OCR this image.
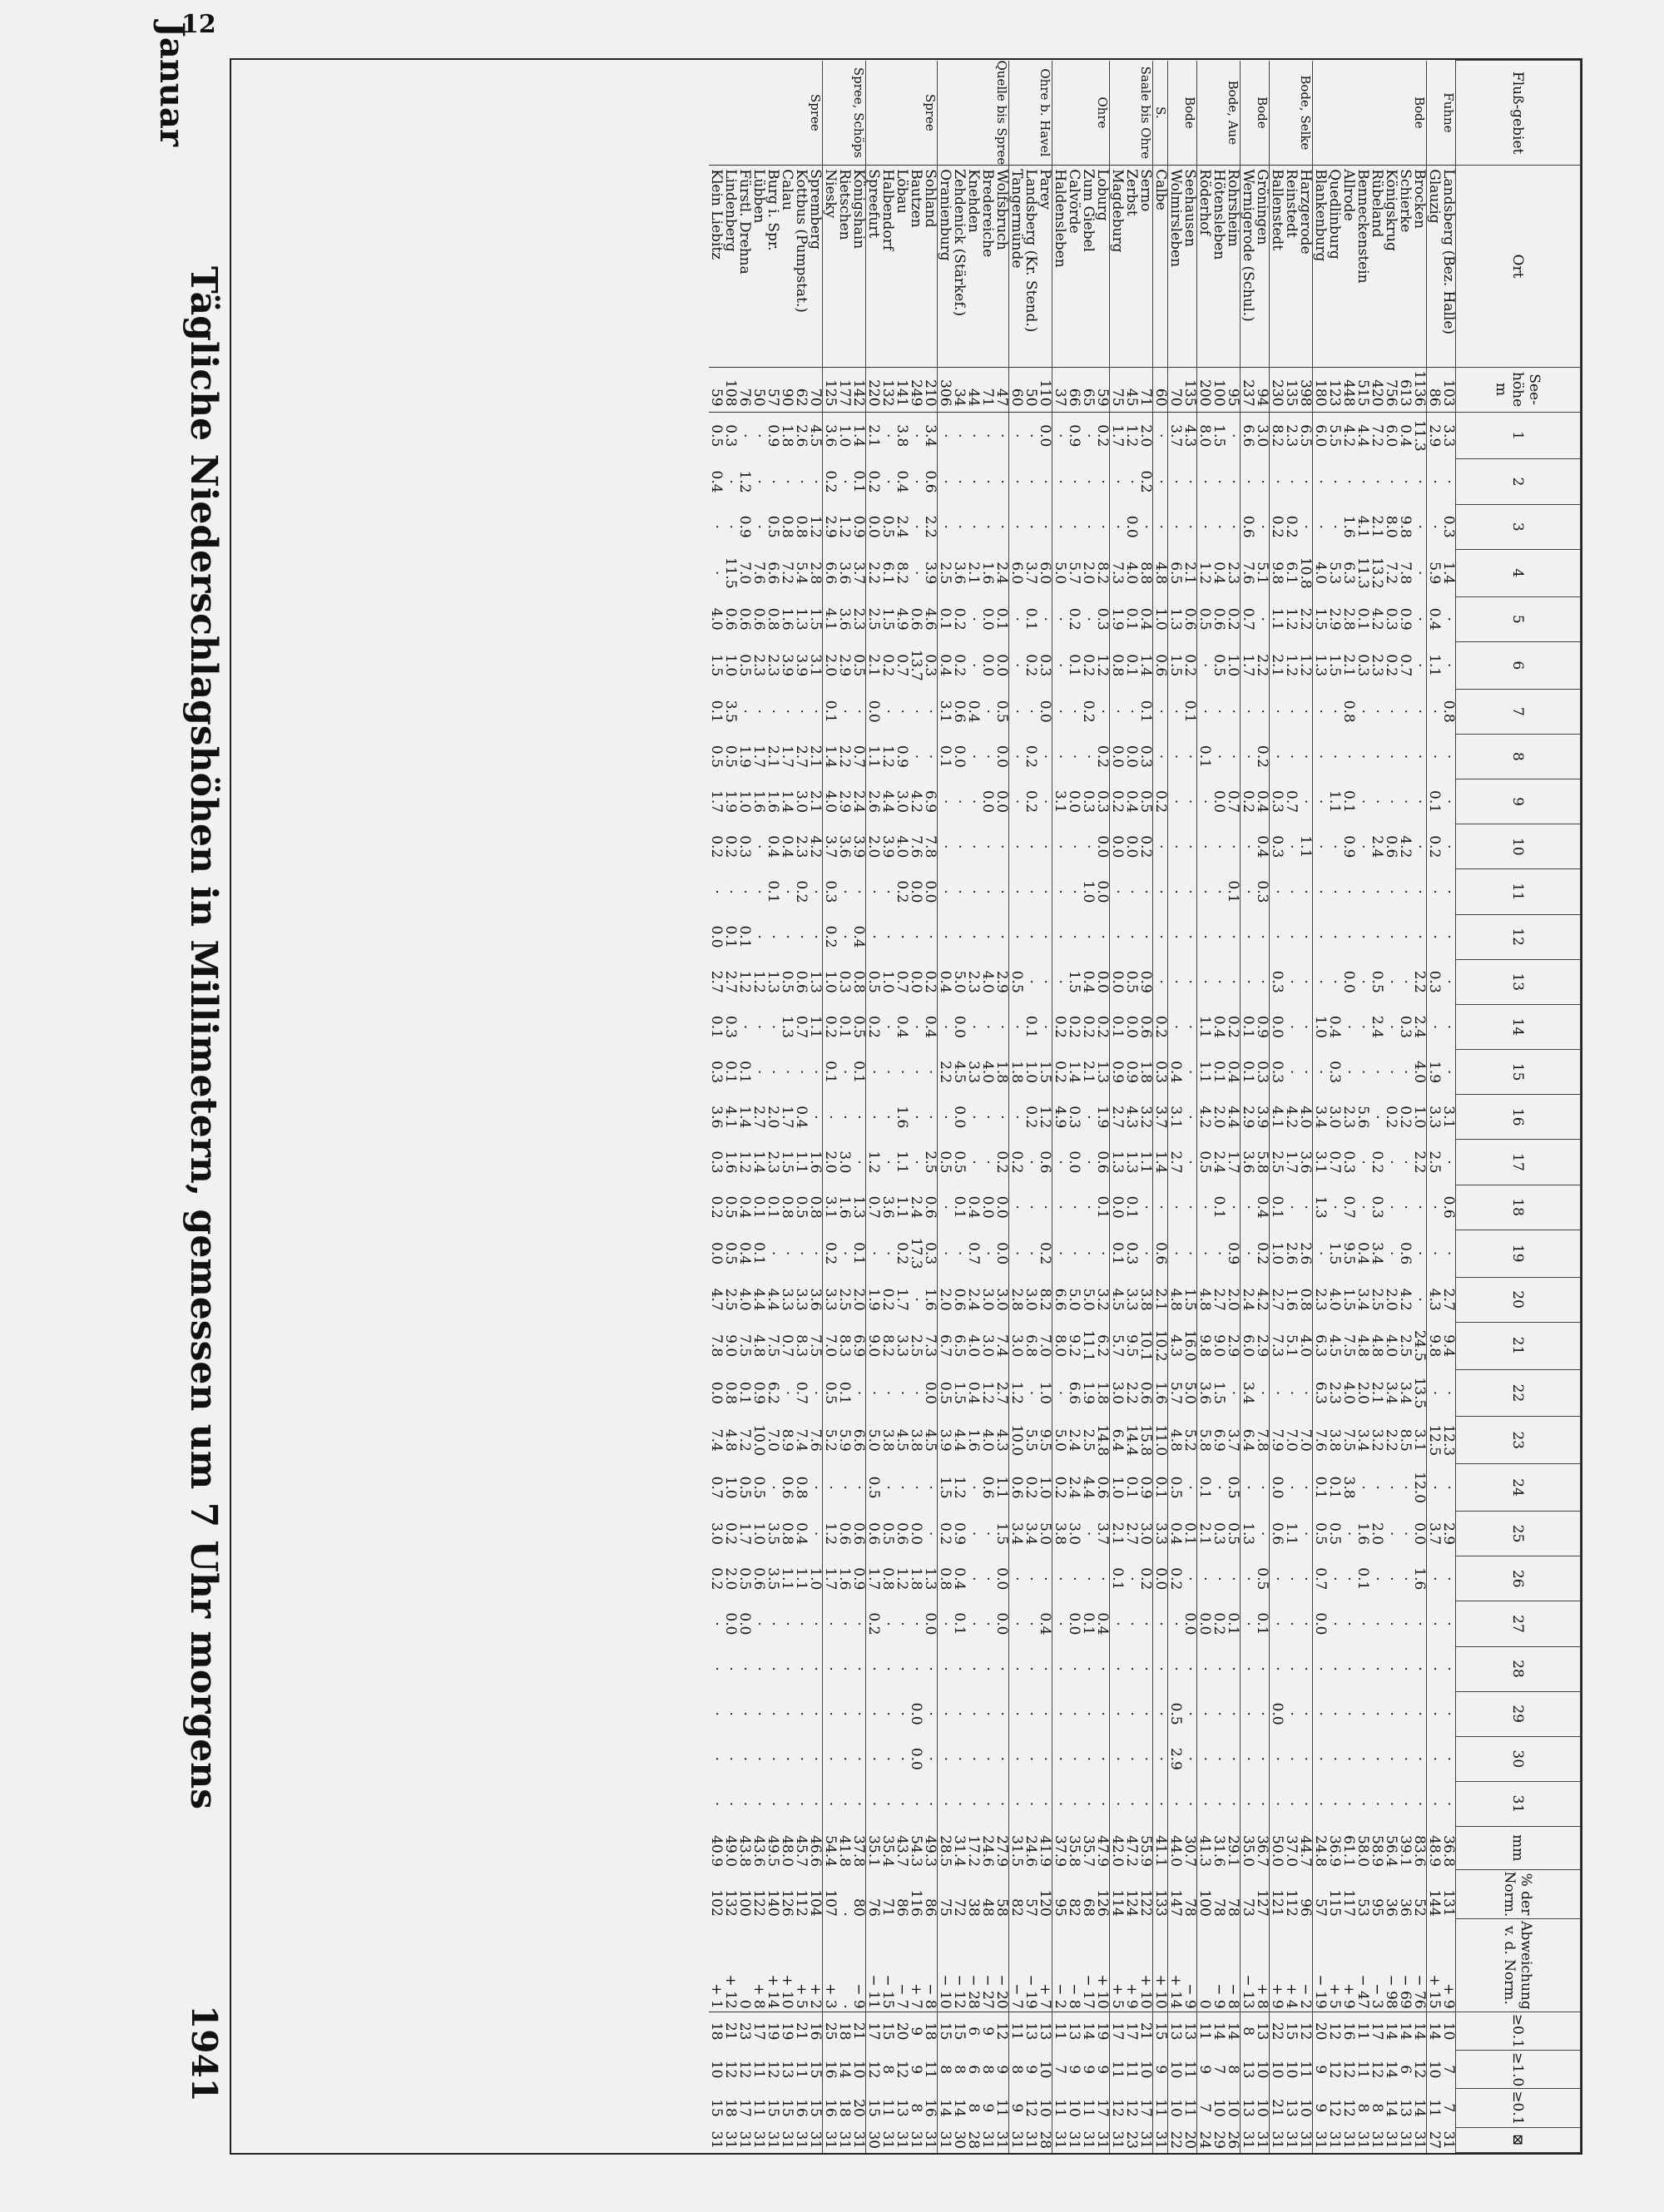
12
Januar
Tägliche Niederschlagshöhen in Millimetern, gemessen um 7 Uhr morgens
1941
Fluß-gebiet	Ort	See-höhe m	1	2	3	4	5	6	7	8	9	10	11	12	13	14	15	16	17	18	19	20	21	22	23	24	25	26	27	28	29	30	31	mm	% der Norm.	Abweichung v. d. Norm.	≥0.1	≥1.0	≥0.1	⊠
Fuhne	Landsberg (Bez. Halle)	103	3.3	·	0.3	1.4	·	·	0.8	·	·	·	·	·	·	·	·	3.1	·	0.6	·	2.7	9.4	·	12.3	·	2.9	·	·	·	·	·	·	36.8	131	+ 9	10	7	7	31
	Glauzig	86	2.9	·	·	5.9	0.4	1.1	·	·	0.1	0.2	·	·	0.3	·	1.9	3.3	2.5	·	·	4.3	9.8	·	12.5	·	3.7	·	·	·	·	·	·	48.9	144	+ 15	14	10	11	27
Bode	Brocken	1136	11.3	·	·	·	·	·	·	·	·	·	·	·	2.2	2.4	4.0	1.0	2.2	·	·	·	24.5	13.5	3.1	12.0	0.0	1.6	·	·	·	·	·	83.6	52	− 76	14	12	14	31
	Schierke	613	0.4	·	9.8	7.8	0.9	0.7	·	·	·	4.2	·	·	·	0.3	·	0.2	·	·	0.6	4.2	2.5	3.4	8.5	·	·	·	·	·	·	·	·	39.1	36	− 69	14	6	13	31
	Königskrug	756	6.0	·	8.0	7.2	0.3	0.2	·	·	·	0.6	·	·	·	·	·	0.2	·	·	·	2.0	4.0	3.4	2.2	·	·	·	·	·	·	·	·	56.4	36	− 98	14	14	14	31
	Rübeland	420	7.2	·	2.1	13.2	4.2	2.3	·	·	·	2.4	·	·	0.5	2.4	·	·	0.2	0.3	3.4	2.5	4.8	2.1	3.2	·	2.0	·	·	·	·	·	·	58.9	95	− 3	17	12	8	31
	Benneckenstein	515	4.4	·	4.1	11.3	0.1	0.3	·	·	·	·	·	·	·	·	·	5.6	·	·	0.4	3.4	4.8	2.0	3.4	·	1.6	0.1	·	·	·	·	·	58.0	53	− 47	11	11	8	31
	Allrode	448	4.2	·	1.6	6.3	2.8	2.1	0.8	·	0.1	0.9	·	·	0.0	·	·	2.3	0.3	0.7	9.5	1.5	7.5	4.0	7.5	3.8	·	·	·	·	·	·	·	61.1	117	+ 9	16	12	12	31
	Quedlinburg	123	5.5	·	·	5.3	2.9	1.5	·	·	1.1	·	·	·	·	0.4	0.3	3.0	0.7	·	1.5	4.0	4.5	2.3	3.8	0.1	0.5	·	·	·	·	·	·	36.9	115	+ 5	12	12	12	31
	Blankenburg	180	6.0	·	·	4.0	1.5	1.3	·	·	·	·	·	·	·	1.0	·	3.4	3.1	1.3	·	2.3	6.3	6.3	7.6	0.1	0.5	0.7	0.0	·	·	·	·	24.8	57	− 19	20	9	9	31
Bode, Selke	Harzgerode	398	6.5	·	·	10.8	2.2	1.2	·	·	·	1.1	·	·	·	·	·	4.0	3.6	·	2.6	0.8	4.0	·	7.0	·	·	·	·	·	·	·	·	44.7	96	− 2	12	11	10	31
	Reinstedt	135	2.3	·	0.2	6.1	1.2	1.2	·	·	0.7	·	·	·	·	·	·	4.2	1.7	·	2.6	1.6	5.1	·	7.0	·	1.1	·	·	·	·	·	·	37.0	112	+ 4	15	10	13	31
	Ballenstedt	230	8.2	·	0.2	9.8	1.1	2.1	·	·	0.3	0.3	·	·	0.3	0.0	0.3	4.1	2.5	0.1	1.0	2.7	7.3	·	7.9	0.0	0.6	·	·	·	0.0	·	·	50.0	121	+ 9	22	10	21	31
Bode	Gröningen	94	3.0	·	·	5.1	·	2.2	·	0.2	0.4	0.4	0.3	·	·	0.9	0.3	3.9	5.8	0.4	0.2	4.2	2.9	·	7.8	·	·	0.5	0.1	·	·	·	·	36.7	127	+ 8	13	10	10	31
	Wernigerode (Schul.)	237	6.6	·	0.6	7.6	0.7	1.7	·	·	0.2	·	·	·	·	0.1	0.1	2.9	3.6	·	·	2.4	6.0	3.4	6.4	·	1.3	·	·	·	·	·	·	35.0	73	− 13	8	13	13	31
Bode, Aue	Rohrsheim	95	·	·	·	2.3	0.2	1.0	·	·	0.7	·	0.1	·	·	0.2	0.4	4.4	1.7	·	0.9	2.0	2.9	·	3.7	0.5	0.5	·	0.1	·	·	·	·	29.1	78	− 8	14	8	10	26
	Hötensleben	100	1.5	·	·	0.4	0.6	0.5	·	·	0.0	·	·	·	·	0.4	0.1	2.0	2.4	0.1	·	2.7	9.0	1.5	6.9	·	0.3	·	0.2	·	·	·	·	31.6	78	− 9	14	7	10	29
	Röderhof	200	8.0	·	·	1.2	0.5	·	·	0.1	·	·	·	·	·	1.1	1.1	4.2	0.5	·	·	4.8	9.8	3.6	5.8	0.1	2.1	·	0.0	·	·	·	·	41.3	100	0	11	9	7	24
Bode	Seehausen	135	4.3	·	·	2.1	0.6	0.2	0.1	·	·	·	·	·	·	·	·	·	·	·	·	1.5	16.0	5.0	5.2	·	0.1	·	0.0	·	·	·	·	30.7	78	− 9	13	11	11	20
	Wolmirsleben	70	3.7	·	·	6.5	1.3	1.5	·	·	·	·	·	·	·	·	0.4	3.1	2.7	·	·	4.8	4.3	5.7	4.8	0.5	0.4	0.2	·	·	0.5	2.9	·	44.0	147	+ 14	13	10	10	22
S.	Calbe	60	·	·	·	4.8	1.0	0.6	·	·	0.2	·	·	·	·	0.2	0.3	3.7	1.4	·	0.6	2.1	10.2	1.6	11.0	0.1	3.3	0.0	·	·	·	·	·	41.1	133	+ 10	15	9	11	31
Saale bis Ohre	Serno	71	2.0	0.2	·	8.8	0.4	1.4	0.1	0.3	0.5	0.2	·	·	0.9	0.6	1.8	3.2	1.1	·	·	3.8	10.1	0.6	15.8	0.9	3.0	0.2	·	·	·	·	·	55.9	122	+ 10	21	10	17	31
	Zerbst	45	1.2	·	0.0	4.0	0.1	0.1	·	0.0	0.4	0.0	·	·	0.5	0.0	0.9	4.3	1.3	0.1	0.3	3.3	9.5	2.2	14.4	0.1	2.7	·	·	·	·	·	·	47.2	124	+ 9	17	11	12	23
	Magdeburg	75	1.7	·	·	7.3	1.9	0.8	·	0.0	0.2	0.0	·	·	0.0	0.1	0.9	2.7	1.3	0.0	0.1	4.5	5.7	3.0	6.4	1.0	2.1	0.1	·	·	·	·	·	42.0	114	+ 5	17	11	12	31
Ohre	Loburg	59	0.2	·	·	8.2	0.3	1.2	·	0.2	0.3	0.0	0.0	·	0.0	0.2	1.3	1.9	0.6	0.1	·	3.2	6.2	1.8	14.8	0.6	3.7	·	0.4	·	·	·	·	47.9	126	+ 10	19	9	17	31
	Zum Giebel	65	·	·	·	2.0	·	0.2	0.2	·	0.3	·	1.0	·	0.4	0.2	2.1	·	·	·	·	5.0	11.1	1.9	2.5	4.4	·	·	0.1	·	·	·	·	35.7	68	− 17	14	9	11	31
	Calvörde	66	0.9	·	·	5.7	0.2	0.1	·	·	0.0	·	·	·	1.5	0.2	1.4	0.3	0.0	·	·	5.0	9.2	6.6	2.4	2.4	3.0	·	0.0	·	·	·	·	35.8	82	− 8	13	9	10	31
	Haldensleben	37	·	·	·	5.0	·	·	·	·	3.1	·	·	·	·	0.2	0.2	4.9	·	·	·	6.6	8.0	·	5.0	0.2	3.8	·	·	·	·	·	·	37.9	95	− 2	11	7	11	31
Ohre b. Havel	Parey	110	0.0	·	·	6.0	·	0.3	0.0	·	·	·	·	·	·	·	1.5	1.2	0.6	·	0.2	8.2	7.0	1.0	9.5	1.0	5.0	·	0.4	·	·	·	·	41.9	120	+ 7	13	10	10	28
	Landsberg (Kr. Stend.)	50	·	·	·	3.7	0.1	0.2	·	0.2	0.2	·	·	·	·	0.1	1.0	0.2	·	·	·	3.0	6.8	·	5.5	0.2	3.4	·	·	·	·	·	·	24.6	57	− 19	13	9	12	31
	Tangermünde	60	·	·	·	6.0	·	·	·	·	·	·	·	·	0.5	·	1.8	·	0.2	·	·	2.8	3.0	1.2	10.0	0.6	3.4	·	·	·	·	·	·	31.5	82	− 7	11	8	9	31
Quelle bis Spree	Wolfsbruch	47	·	·	·	2.4	0.1	0.0	0.5	0.0	0.0	·	·	·	2.9	·	1.8	·	0.2	0.0	0.0	3.0	7.4	2.7	4.3	1.1	1.5	0.0	0.0	·	·	·	·	27.9	58	− 20	12	9	11	31
	Bredereiche	71	·	·	·	1.6	0.0	0.0	·	·	0.0	·	·	·	4.0	·	4.0	·	·	0.0	·	3.0	3.0	1.2	4.0	0.6	·	·	·	·	·	·	·	24.6	48	− 27	9	8	9	31
	Knehden	44	·	·	·	2.1	·	·	0.4	·	·	·	·	·	2.3	·	3.3	·	·	0.4	0.7	2.4	4.0	0.4	1.6	·	·	·	·	·	·	·	·	17.2	38	− 28	6	6	8	28
	Zehdenick (Stärkef.)	34	·	·	·	3.6	0.2	0.2	0.6	0.0	·	·	·	·	5.0	0.0	4.5	0.0	0.5	0.1	·	0.6	6.5	1.5	4.4	1.2	0.9	0.4	0.1	·	·	·	·	31.4	72	− 12	15	8	14	30
	Oranienburg	306	·	·	·	2.5	0.1	0.4	3.1	0.1	·	·	·	·	0.4	·	2.2	·	0.5	·	·	2.0	6.7	0.5	3.9	1.5	0.2	0.8	·	·	·	·	·	28.5	75	− 10	15	8	14	31
Spree	Sohland	210	3.4	0.6	2.2	3.9	4.6	0.3	·	·	6.9	7.8	0.0	·	0.2	0.4	·	·	2.5	0.6	0.3	1.6	7.3	0.0	4.5	·	·	1.3	0.0	·	·	·	·	49.3	86	− 8	18	11	16	31
	Bautzen	249	·	·	·	·	0.6	13.7	·	·	4.2	7.6	0.0	·	0.0	·	·	·	·	2.4	17.3	·	2.5	·	3.8	·	0.0	1.8	·	·	0.0	0.0	·	54.3	116	+ 7	9	9	8	31
	Löbau	141	3.8	0.4	2.4	8.2	4.9	0.7	·	0.9	3.0	4.0	0.2	·	0.7	0.4	·	1.6	1.1	1.1	0.2	1.7	3.3	·	4.5	·	0.6	1.2	·	·	·	·	·	43.7	86	− 7	20	12	13	31
	Halbendorf	132	·	·	0.5	6.1	1.5	0.2	·	1.2	4.4	3.9	·	·	1.0	·	·	·	·	3.6	·	0.2	8.2	·	3.8	·	0.5	0.8	·	·	·	·	·	35.4	71	− 15	15	8	11	31
	Spreefurt	220	2.1	0.2	0.0	2.2	2.5	2.1	0.0	1.1	2.6	2.0	·	·	0.5	0.2	·	·	1.2	0.7	·	1.9	9.0	·	5.0	0.5	0.6	1.7	0.2	·	·	·	·	35.1	76	− 11	17	12	15	30
Spree, Schöps	Königshain	142	1.4	0.1	0.9	3.7	2.3	0.5	·	0.7	2.4	3.9	·	0.4	0.8	0.5	0.1	·	·	1.3	0.1	2.0	6.9	·	6.6	·	0.6	0.9	·	·	·	·	·	37.8	80	− 9	21	10	20	31
	Rietschen	177	1.0	·	1.2	3.6	3.6	2.9	·	2.2	2.9	3.6	·	·	0.3	0.1	·	·	3.0	1.6	·	2.5	8.3	0.1	5.9	·	0.6	1.6	·	·	·	·	·	41.8	·	·	18	14	18	31
	Niesky	125	3.6	0.2	2.9	6.6	4.1	2.0	0.1	1.4	4.0	3.7	0.3	0.2	1.0	0.2	0.1	·	2.0	3.1	0.2	3.3	7.0	0.5	5.2	·	1.2	1.7	·	·	·	·	·	54.4	107	+ 3	25	16	16	31
Spree	Spremberg	70	4.5	·	1.2	2.8	1.5	3.1	·	2.1	2.1	4.2	·	·	1.3	1.1	·	·	1.6	0.8	·	3.6	7.5	·	7.6	·	·	1.0	·	·	·	·	·	46.6	104	+ 2	16	15	15	31
	Kottbus (Pumpstat.)	62	2.6	·	0.8	5.4	1.3	3.9	·	2.7	3.0	2.3	0.2	·	0.6	0.7	·	0.4	1.1	0.5	·	3.3	8.3	0.7	7.4	0.8	0.4	1.1	·	·	·	·	·	45.7	112	+ 5	21	11	16	31
	Calau	90	1.8	·	0.8	7.2	1.6	3.9	·	1.7	1.4	0.4	·	·	0.5	1.3	·	1.7	1.5	0.8	·	3.3	0.7	·	8.9	0.6	0.8	1.1	·	·	·	·	·	48.0	126	+ 10	19	13	15	31
	Burg i. Spr.	57	0.9	·	0.5	6.6	0.8	2.3	·	2.1	1.6	0.4	0.1	·	1.3	·	·	2.0	2.3	0.1	·	4.4	7.5	6.2	7.0	·	3.5	3.5	·	·	·	·	·	49.5	140	+ 14	19	12	15	31
	Lübben	50	·	·	·	7.6	0.6	2.3	·	1.7	1.6	·	·	·	1.2	·	·	2.7	1.4	0.1	0.1	4.4	4.8	0.9	10.0	0.5	1.0	0.6	·	·	·	·	·	43.6	122	+ 8	17	11	11	31
	Fürstl. Drehna	76	·	1.2	0.9	7.0	0.6	0.5	·	1.9	1.0	0.3	·	0.1	1.2	·	0.1	1.4	1.2	0.4	0.4	4.0	7.5	0.1	7.2	0.5	1.7	0.5	0.0	·	·	·	·	43.8	100	0	23	12	17	31
	Lindenberg	108	0.3	·	·	11.5	0.6	1.0	3.5	0.5	1.9	0.2	·	0.1	2.7	0.3	0.1	4.1	1.6	0.5	0.5	2.5	9.0	0.8	4.8	1.0	0.2	2.0	0.0	·	·	·	·	49.0	132	+ 12	21	12	18	31
	Klein Liebitz	59	0.5	0.4	·	·	4.0	1.5	0.1	0.5	1.7	0.2	·	0.0	2.7	0.1	0.3	3.6	0.3	0.2	0.0	4.7	7.8	0.0	7.4	0.7	3.0	0.2	·	·	·	·	·	40.9	102	+ 1	18	10	15	31
